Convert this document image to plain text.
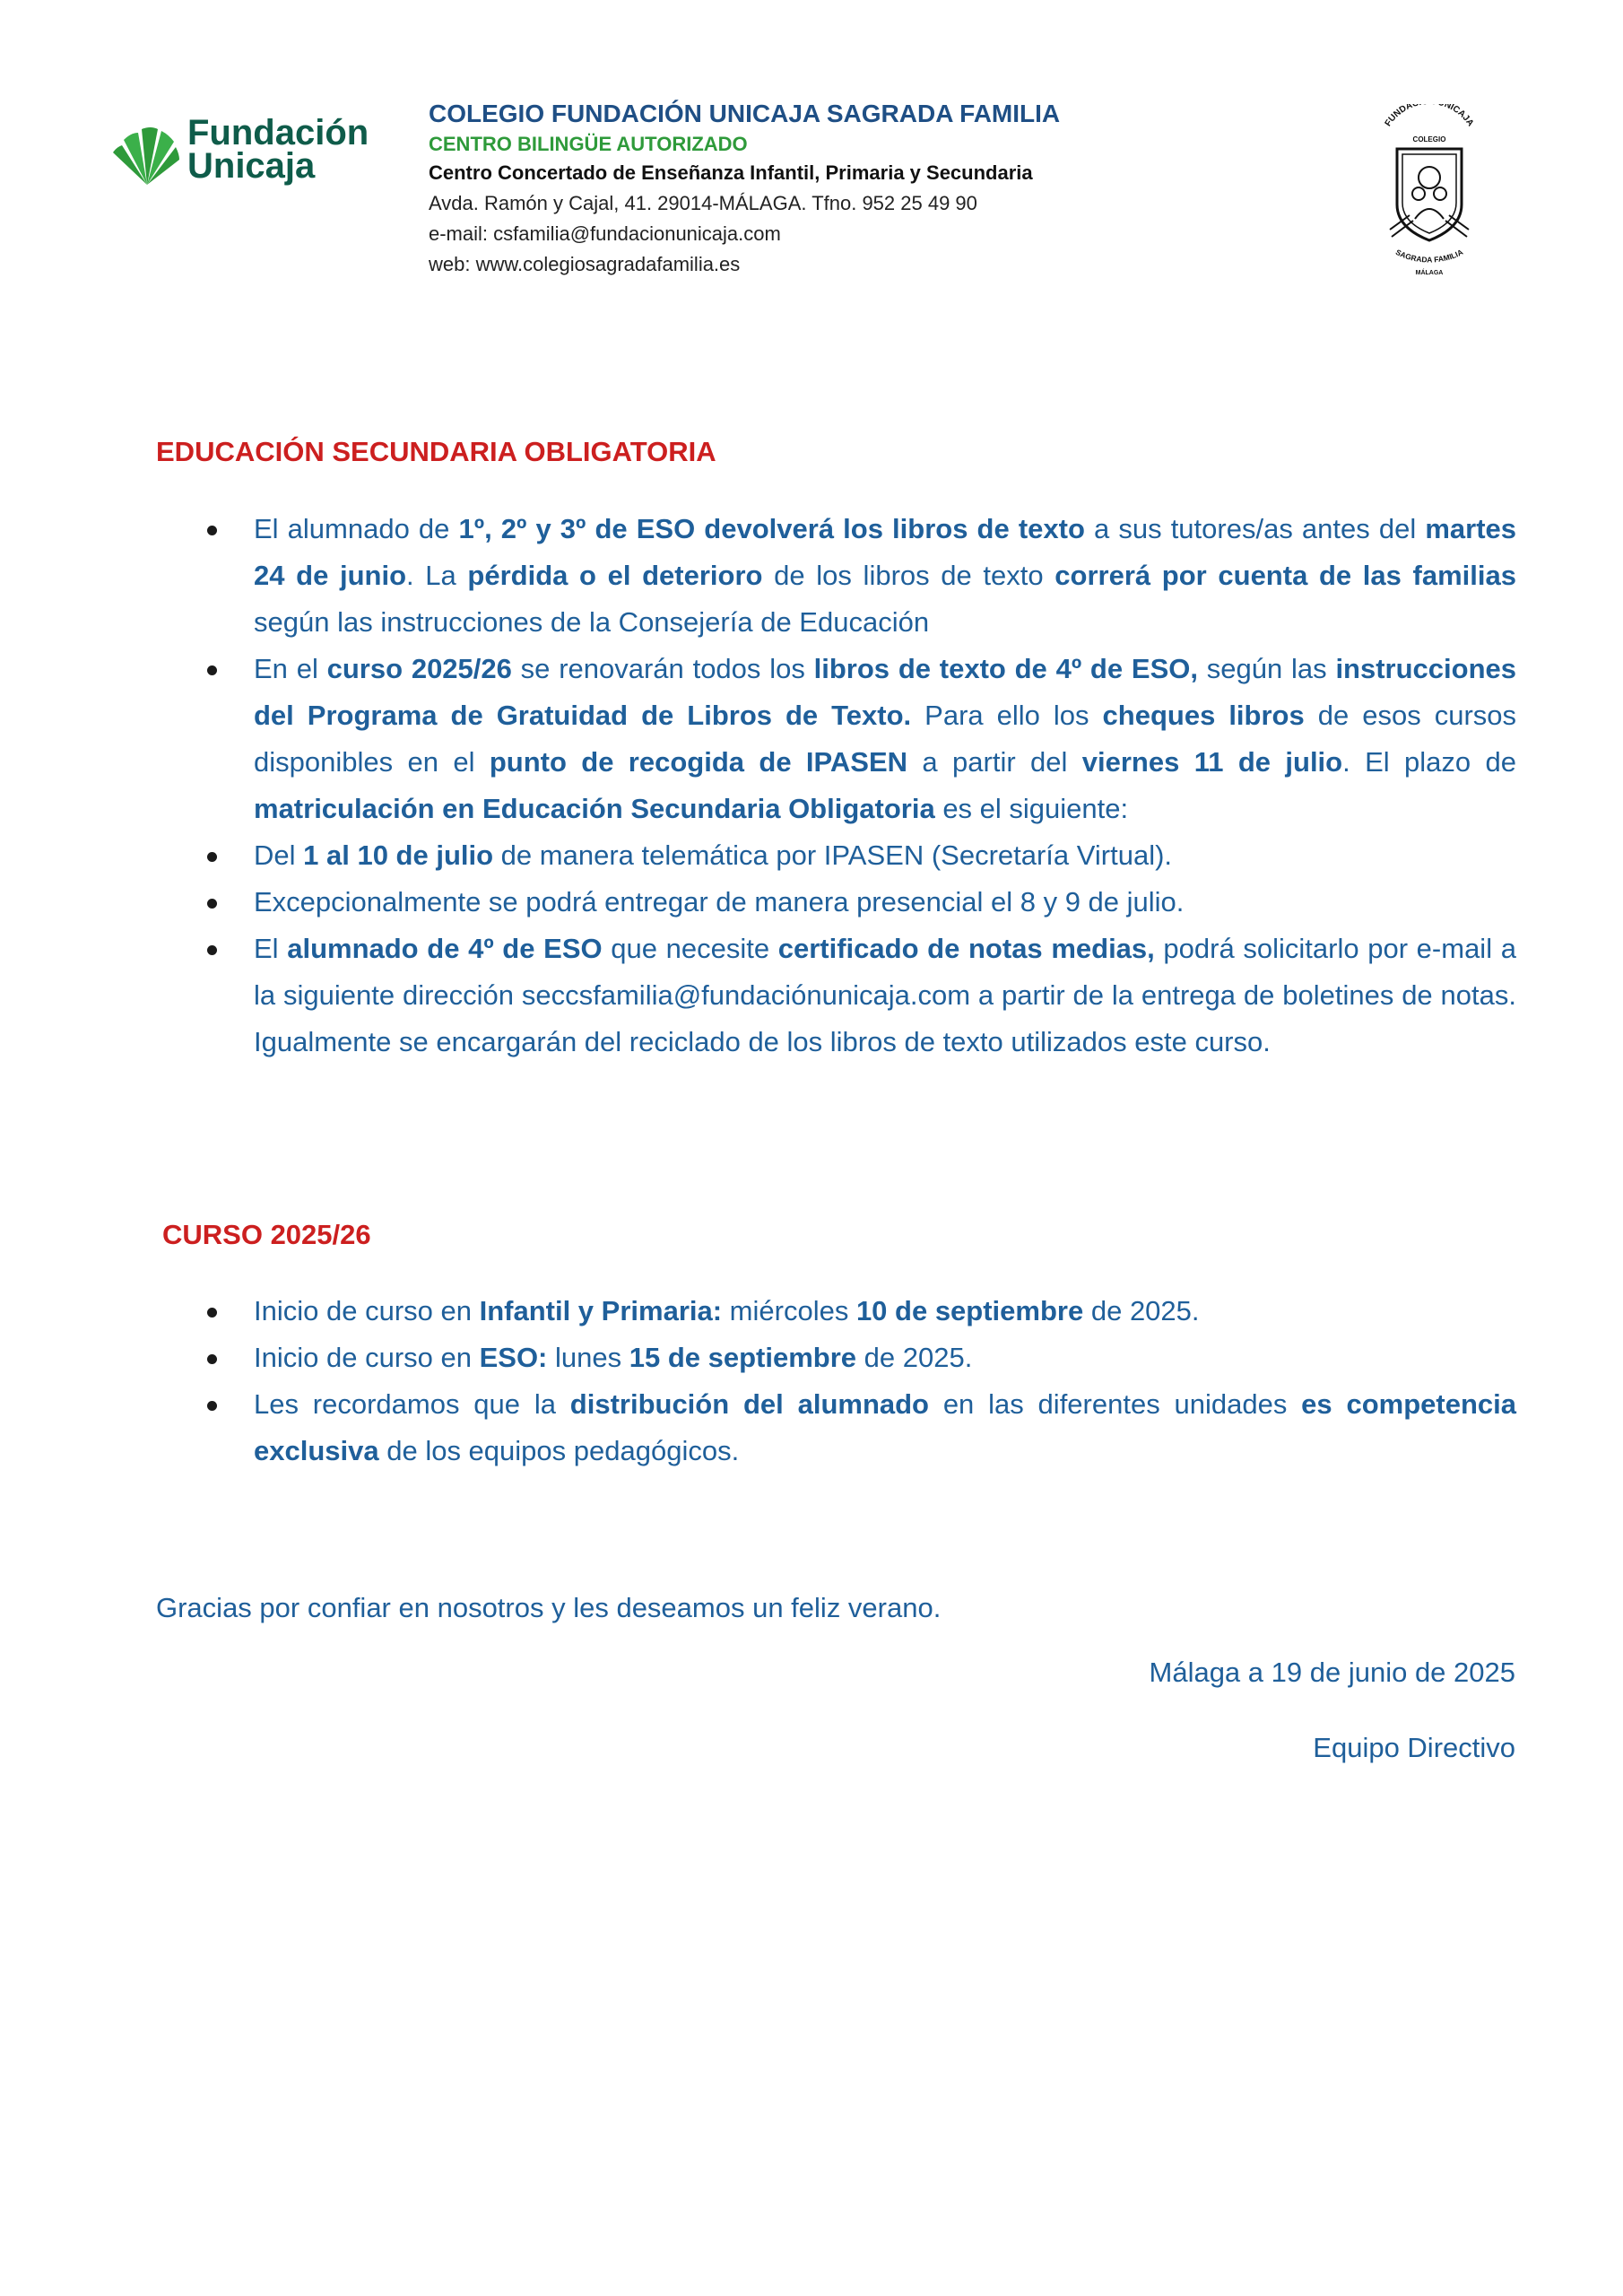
Fundación
Unicaja
COLEGIO FUNDACIÓN UNICAJA SAGRADA FAMILIA
CENTRO BILINGÜE AUTORIZADO
Centro Concertado de Enseñanza Infantil, Primaria y Secundaria
Avda. Ramón y Cajal, 41. 29014-MÁLAGA. Tfno. 952 25 49 90
e-mail: csfamilia@fundacionunicaja.com
web: www.colegiosagradafamilia.es
FUNDA NICAJA
COLEGIO
SAGRADA FAMILIA
MÁLAGA
EDUCACIÓN SECUNDARIA OBLIGATORIA
El alumnado de 1º, 2º y 3º de ESO devolverá los libros de texto a sus tutores/as antes del martes 24 de junio. La pérdida o el deterioro de los libros de texto correrá por cuenta de las familias según las instrucciones de la Consejería de Educación
En el curso 2025/26 se renovarán todos los libros de texto de 4º de ESO, según las instrucciones del Programa de Gratuidad de Libros de Texto. Para ello los cheques libros de esos cursos disponibles en el punto de recogida de IPASEN a partir del viernes 11 de julio. El plazo de matriculación en Educación Secundaria Obligatoria es el siguiente:
Del 1 al 10 de julio de manera telemática por IPASEN (Secretaría Virtual).
Excepcionalmente se podrá entregar de manera presencial el 8 y 9 de julio.
El alumnado de 4º de ESO que necesite certificado de notas medias, podrá solicitarlo por e-mail a la siguiente dirección seccsfamilia@fundaciónunicaja.com a partir de la entrega de boletines de notas. Igualmente se encargarán del reciclado de los libros de texto utilizados este curso.
CURSO 2025/26
Inicio de curso en Infantil y Primaria: miércoles 10 de septiembre de 2025.
Inicio de curso en ESO: lunes 15 de septiembre de 2025.
Les recordamos que la distribución del alumnado en las diferentes unidades es competencia exclusiva de los equipos pedagógicos.
Gracias por confiar en nosotros y les deseamos un feliz verano.
Málaga a 19 de junio de 2025
Equipo Directivo
